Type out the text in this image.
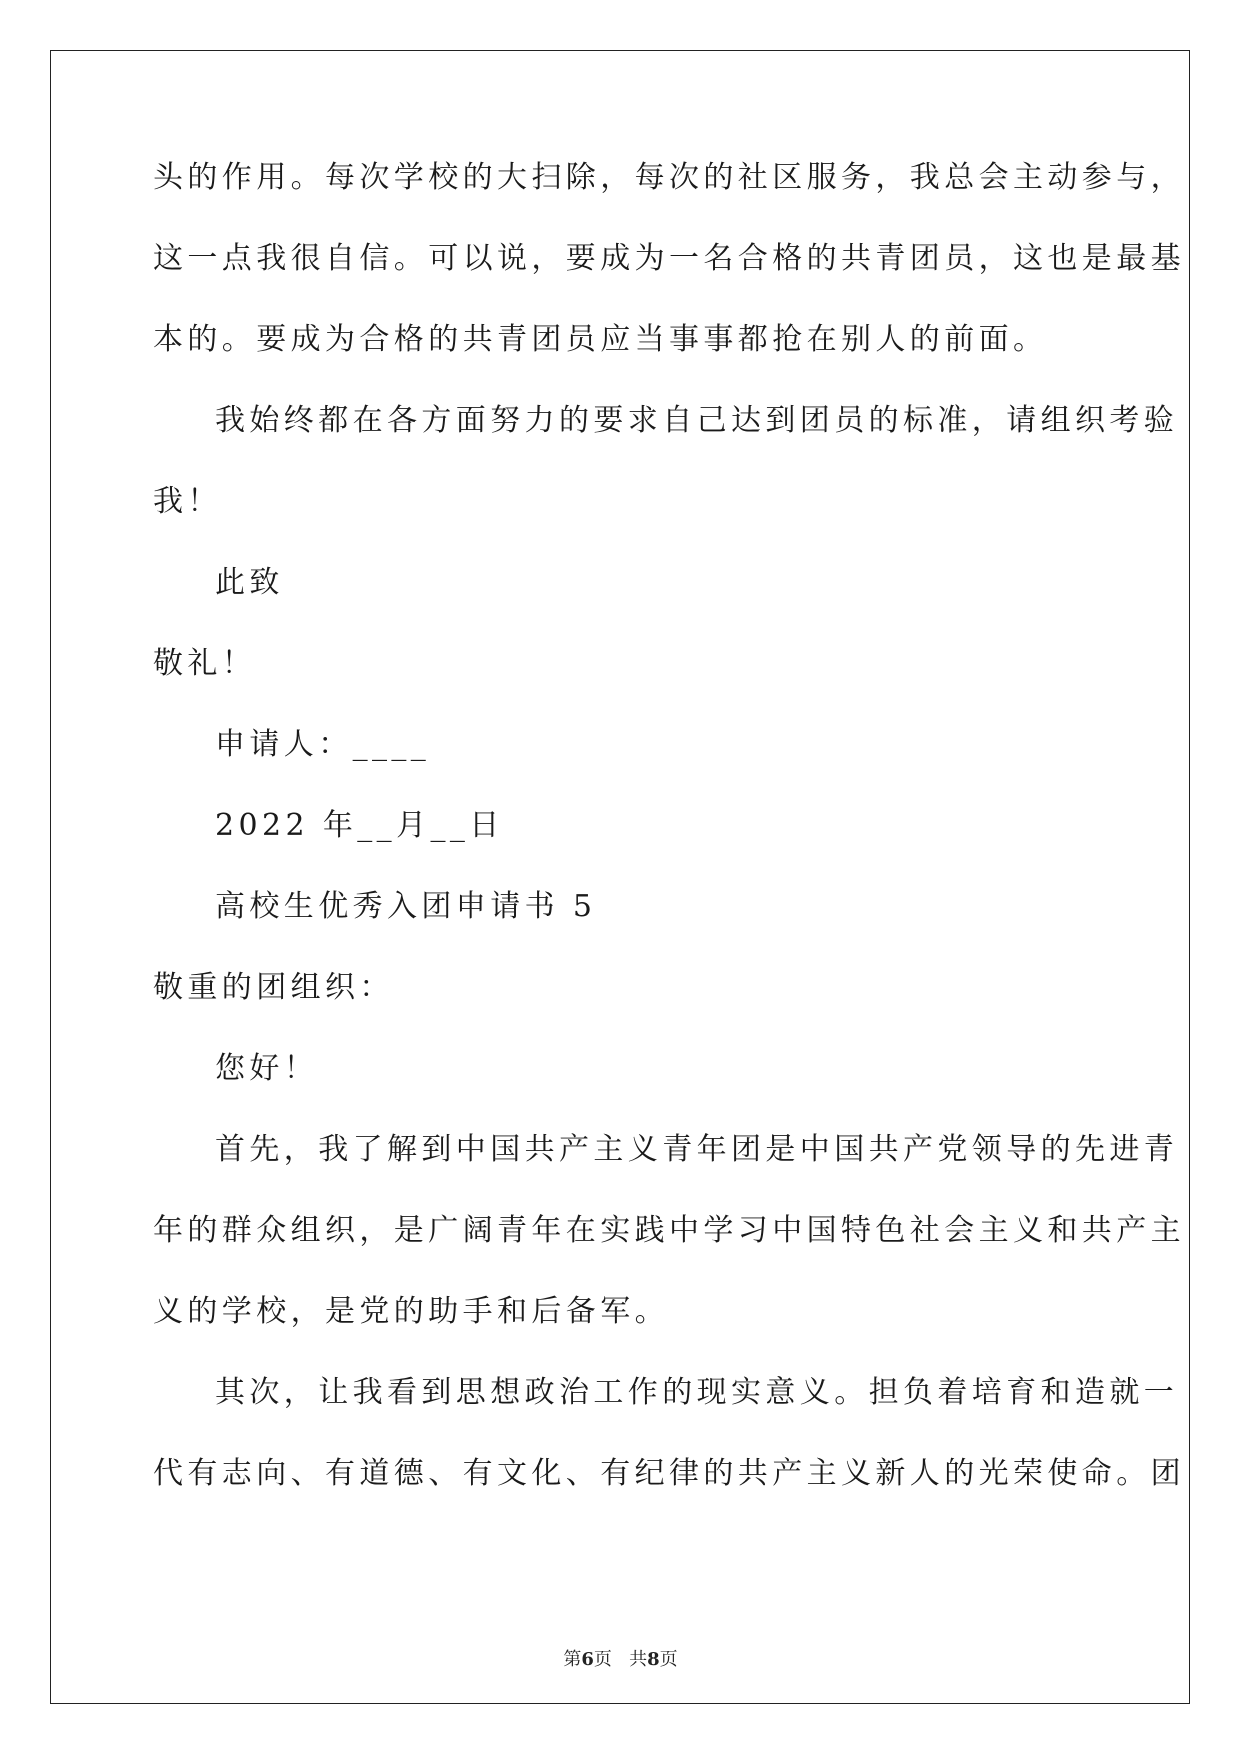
头的作用。每次学校的大扫除，每次的社区服务，我总会主动参与，
这一点我很自信。可以说，要成为一名合格的共青团员，这也是最基
本的。要成为合格的共青团员应当事事都抢在别人的前面。
我始终都在各方面努力的要求自己达到团员的标准，请组织考验
我！
此致
敬礼！
申请人：____
2022 年__月__日
高校生优秀入团申请书 5
敬重的团组织：
您好！
首先，我了解到中国共产主义青年团是中国共产党领导的先进青
年的群众组织，是广阔青年在实践中学习中国特色社会主义和共产主
义的学校，是党的助手和后备军。
其次，让我看到思想政治工作的现实意义。担负着培育和造就一
代有志向、有道德、有文化、有纪律的共产主义新人的光荣使命。团
第6页 共8页
